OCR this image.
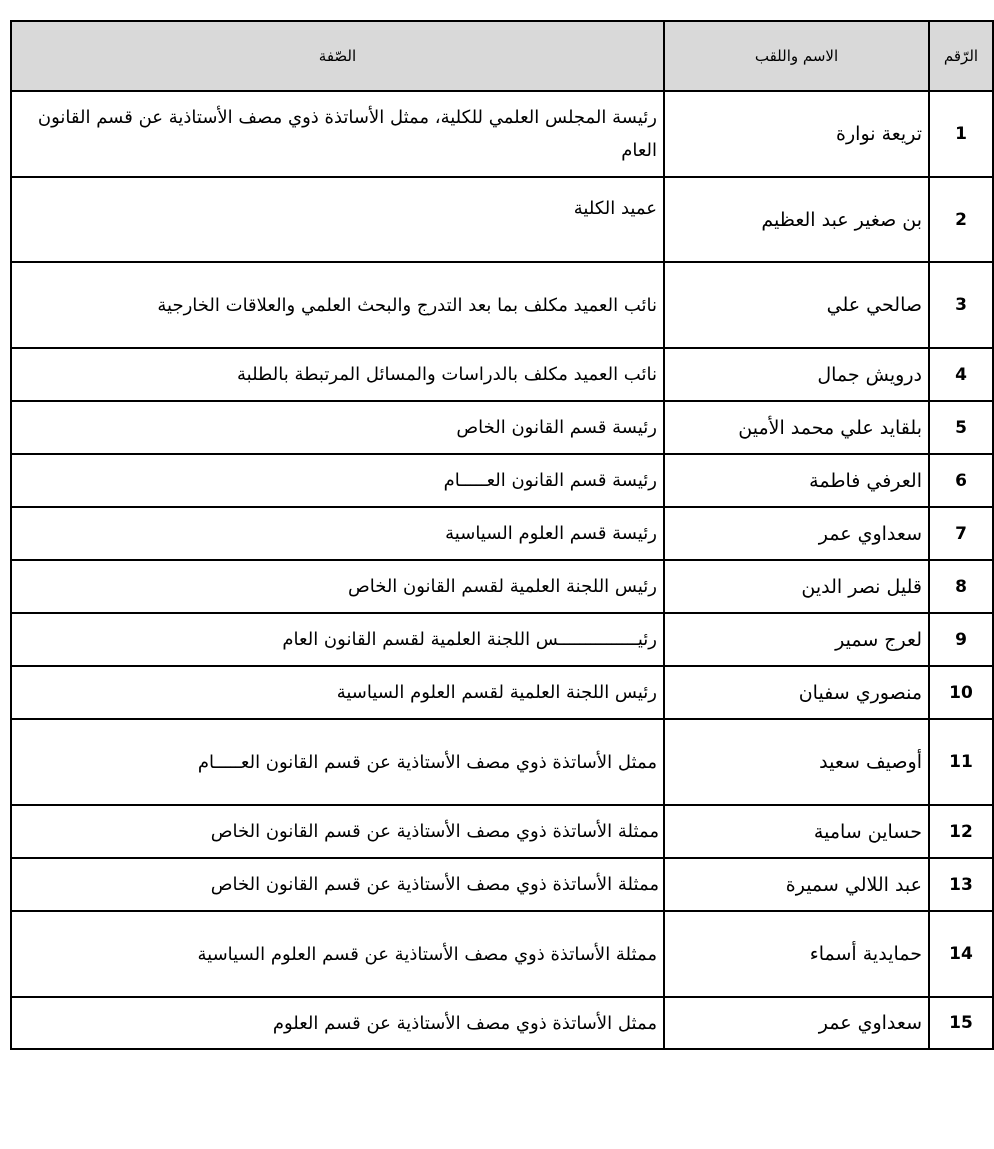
الرّقم	الاسم واللقب	الصّفة
1	تريعة نوارة	رئيسة المجلس العلمي للكلية، ممثل الأساتذة ذوي مصف الأستاذية عن قسم القانون العام

2	بن صغير عبد العظيم	عميد الكلية
3	صالحي علي	نائب العميد مكلف بما بعد التدرج والبحث العلمي والعلاقات الخارجية

4	درويش جمال	نائب العميد مكلف بالدراسات والمسائل المرتبطة بالطلبة
5	بلقايد علي محمد الأمين	رئيسة قسم القانون الخاص
6	العرفي فاطمة	رئيسة قسم القانون العـــــام
7	سعداوي عمر	رئيسة قسم العلوم السياسية
8	قليل نصر الدين	رئيس اللجنة العلمية لقسم القانون الخاص
9	لعرج سمير	رئيـــــــــــــــس اللجنة العلمية لقسم القانون العام
10	منصوري سفيان	رئيس اللجنة العلمية لقسم العلوم السياسية
11	أوصيف سعيد	ممثل الأساتذة ذوي مصف الأستاذية عن قسم القانون العـــــام

12	حساين سامية	ممثلة الأساتذة ذوي مصف الأستاذية عن قسم القانون الخاص
13	عبد اللالي سميرة	ممثلة الأساتذة ذوي مصف الأستاذية عن قسم القانون الخاص
14	حمايدية أسماء	ممثلة الأساتذة ذوي مصف الأستاذية عن قسم العلوم السياسية

15	سعداوي عمر	ممثل الأساتذة ذوي مصف الأستاذية عن قسم العلوم
